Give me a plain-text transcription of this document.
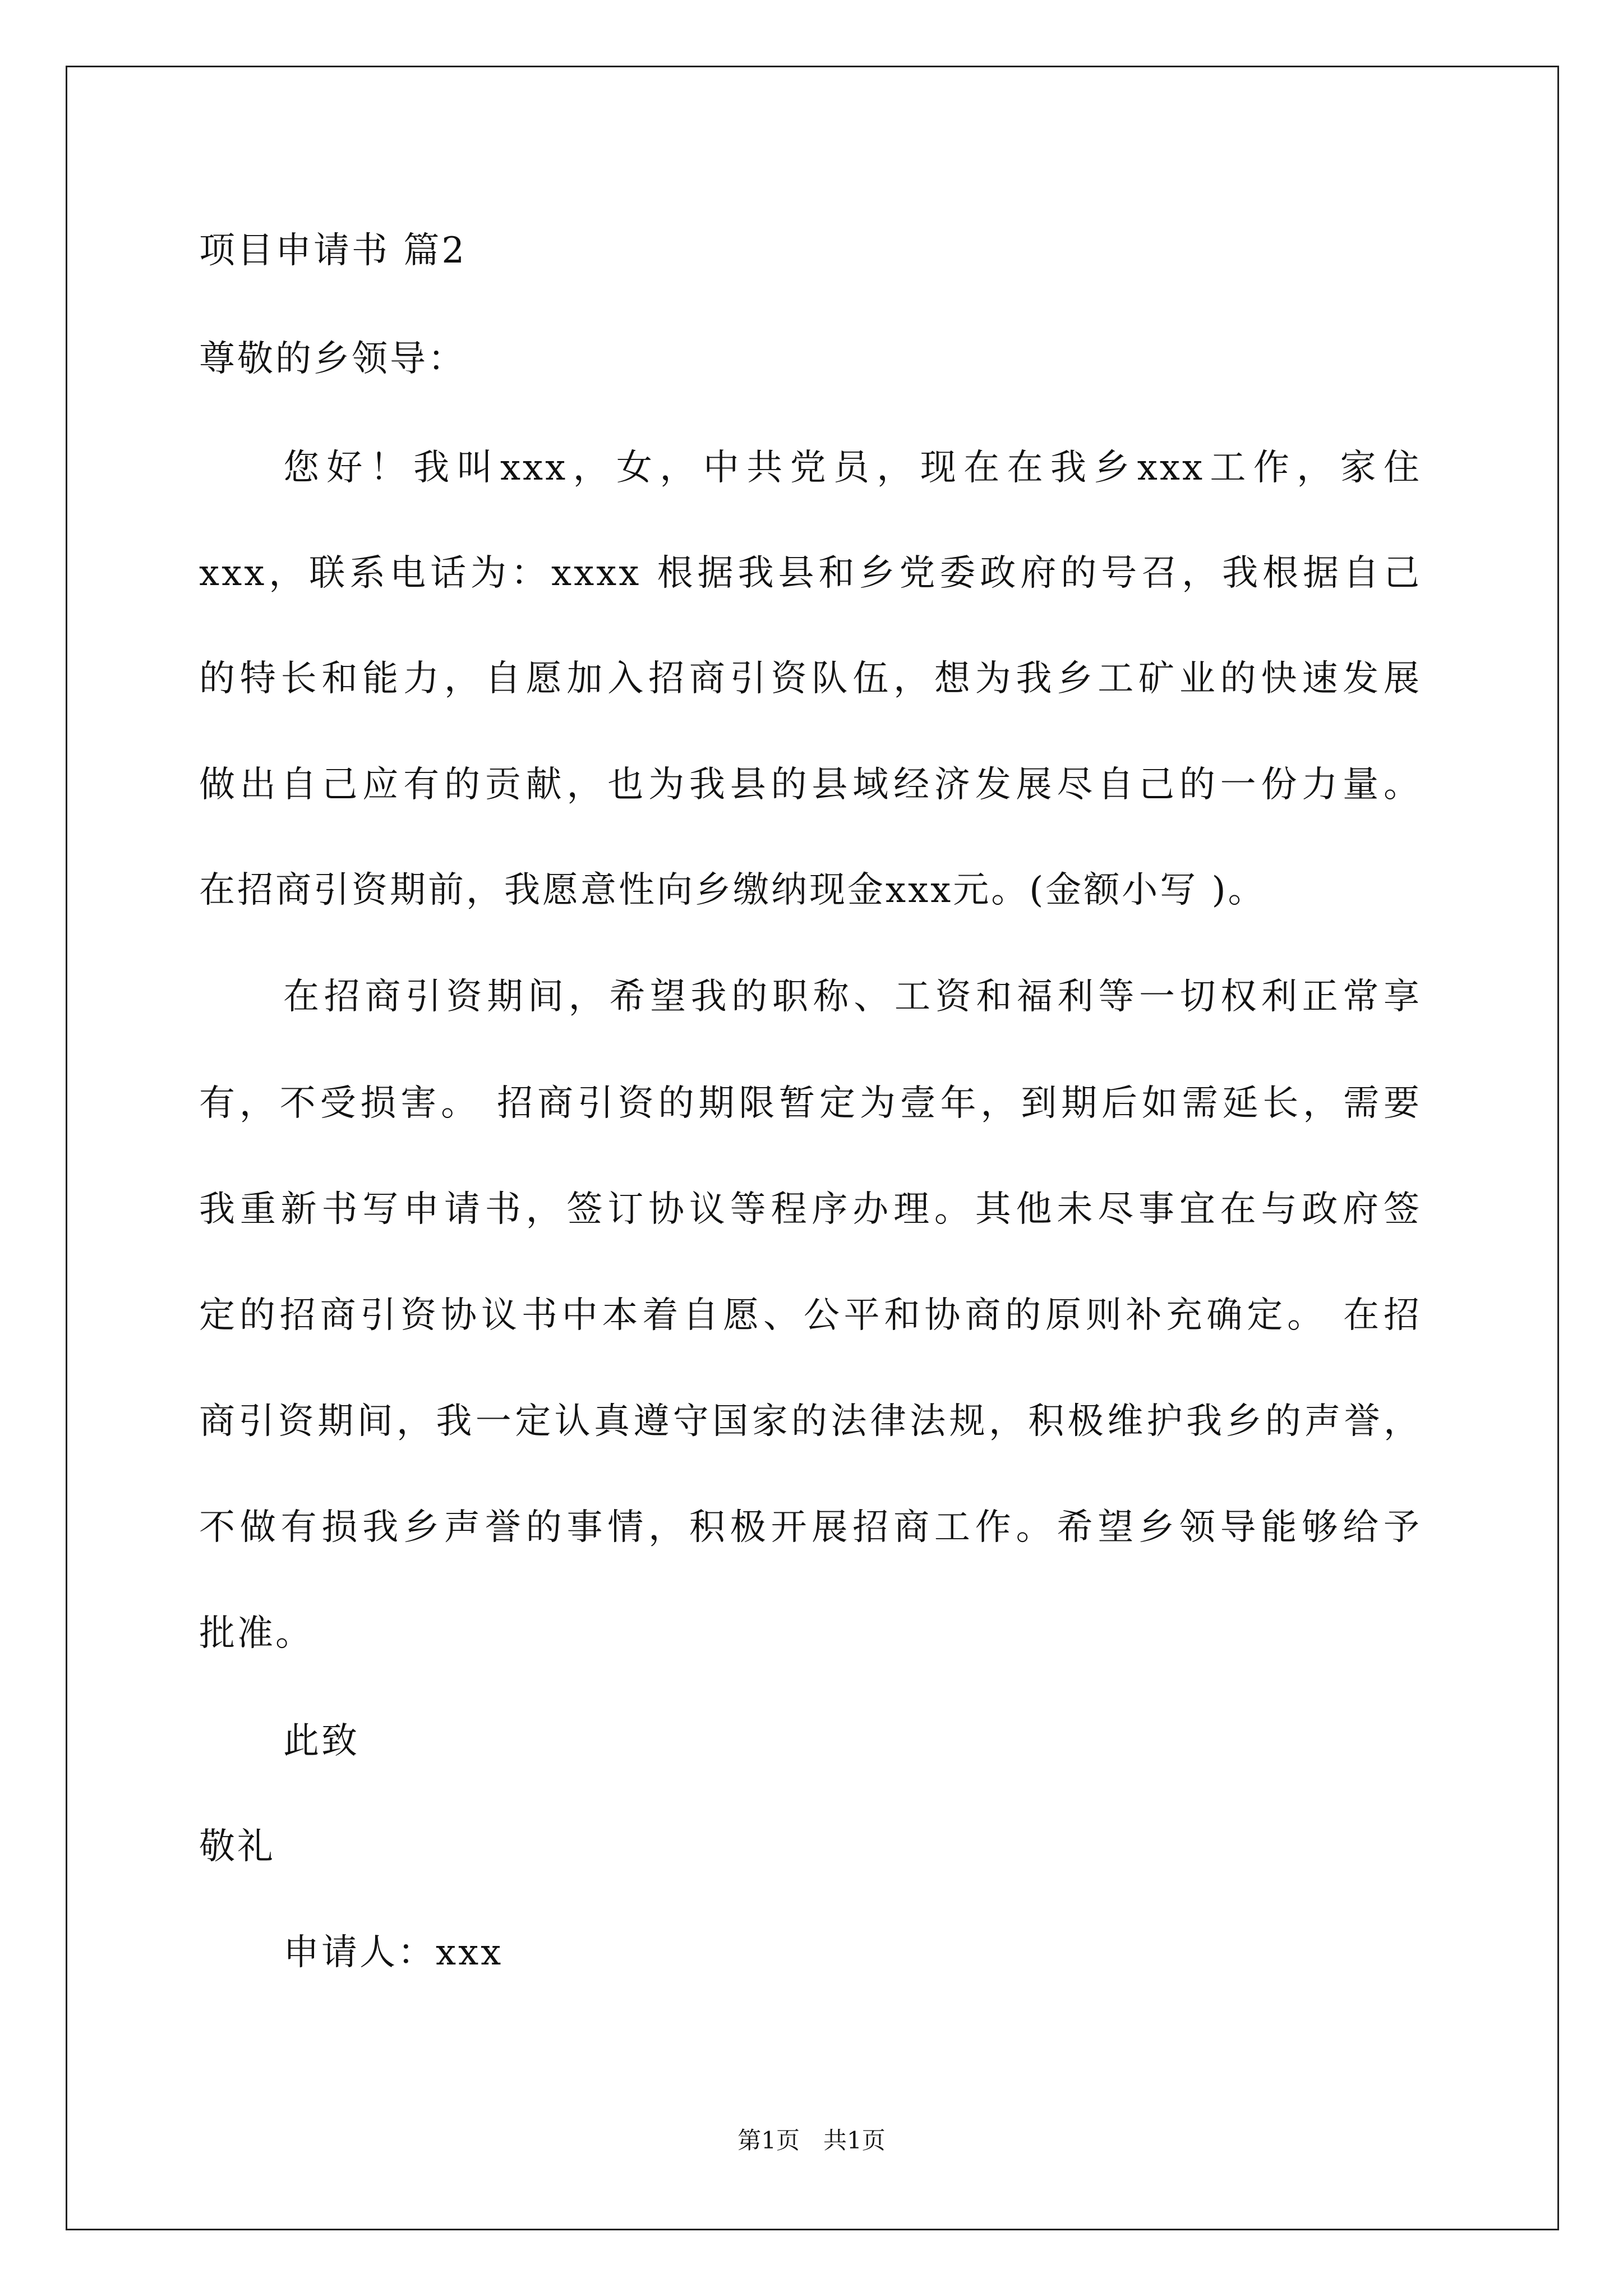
项目申请书 篇2
尊敬的乡领导：
您好！我叫xxx，女，中共党员，现在在我乡xxx工作，家住
xxx，联系电话为：xxxx 根据我县和乡党委政府的号召，我根据自己
的特长和能力，自愿加入招商引资队伍，想为我乡工矿业的快速发展
做出自己应有的贡献，也为我县的县域经济发展尽自己的一份力量。
在招商引资期前，我愿意性向乡缴纳现金xxx元。(金额小写 )。
在招商引资期间，希望我的职称、工资和福利等一切权利正常享
有，不受损害。 招商引资的期限暂定为壹年，到期后如需延长，需要
我重新书写申请书，签订协议等程序办理。其他未尽事宜在与政府签
定的招商引资协议书中本着自愿、公平和协商的原则补充确定。 在招
商引资期间，我一定认真遵守国家的法律法规，积极维护我乡的声誉，
不做有损我乡声誉的事情，积极开展招商工作。希望乡领导能够给予
批准。
此致
敬礼
申请人：xxx
第1页　共1页
